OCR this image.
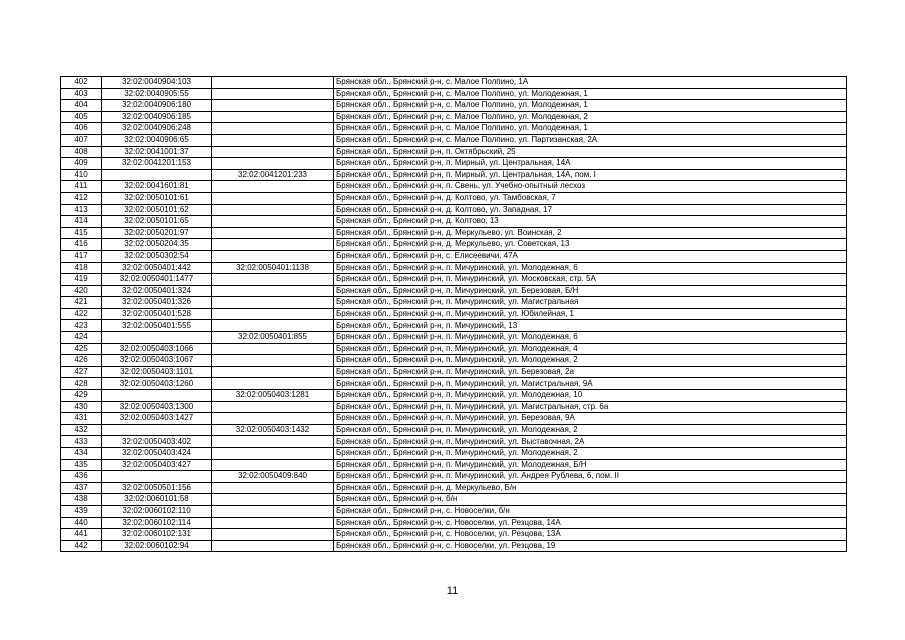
402	32:02:0040904:103		Брянская обл., Брянский р-н, с. Малое Полпино, 1А
403	32:02:0040905:55		Брянская обл., Брянский р-н, с. Малое Полпино, ул. Молодежная, 1
404	32:02:0040906:180		Брянская обл., Брянский р-н, с. Малое Полпино, ул. Молодежная, 1
405	32:02:0040906:185		Брянская обл., Брянский р-н, с. Малое Полпино, ул. Молодежная, 2
406	32:02:0040906:248		Брянская обл., Брянский р-н, с. Малое Полпино, ул. Молодежная, 1
407	32:02:0040906:65		Брянская обл., Брянский р-н, с. Малое Полпино, ул. Партизанская, 2А
408	32:02:0041001:37		Брянская обл., Брянский р-н, п. Октябрьский, 25
409	32:02:0041201:153		Брянская обл., Брянский р-н, п. Мирный, ул. Центральная, 14А
410		32:02:0041201:233	Брянская обл., Брянский р-н, п. Мирный, ул. Центральная, 14А, пом. I
411	32:02:0041601:81		Брянская обл., Брянский р-н, п. Свень, ул. Учебно-опытный лесхоз
412	32:02:0050101:61		Брянская обл., Брянский р-н, д. Колтово, ул. Тамбовская, 7
413	32:02:0050101:62		Брянская обл., Брянский р-н, д. Колтово, ул. Западная, 17
414	32:02:0050101:65		Брянская обл., Брянский р-н, д. Колтово, 13
415	32:02:0050201:97		Брянская обл., Брянский р-н, д. Меркульево, ул. Воинская, 2
416	32:02:0050204:35		Брянская обл., Брянский р-н, д. Меркульево, ул. Советская, 13
417	32:02:0050302:54		Брянская обл., Брянский р-н, с. Елисеевичи, 47А
418	32:02:0050401:442	32:02:0050401:1138	Брянская обл., Брянский р-н, п. Мичуринский, ул. Молодежная, 6
419	32:02:0050401:1477		Брянская обл., Брянский р-н, п. Мичуринский, ул. Московская, стр. 5А
420	32:02:0050401:324		Брянская обл., Брянский р-н, п. Мичуринский, ул. Березовая, Б/Н
421	32:02:0050401:326		Брянская обл., Брянский р-н, п. Мичуринский, ул. Магистральная
422	32:02:0050401:528		Брянская обл., Брянский р-н, п. Мичуринский, ул. Юбилейная, 1
423	32:02:0050401:555		Брянская обл., Брянский р-н, п. Мичуринский, 13
424		32:02:0050401:855	Брянская обл., Брянский р-н, п. Мичуринский, ул. Молодежная, 6
425	32:02:0050403:1066		Брянская обл., Брянский р-н, п. Мичуринский, ул. Молодежная, 4
426	32:02:0050403:1067		Брянская обл., Брянский р-н, п. Мичуринский, ул. Молодежная, 2
427	32:02:0050403:1101		Брянская обл., Брянский р-н, п. Мичуринский, ул. Березовая, 2а
428	32:02:0050403:1260		Брянская обл., Брянский р-н, п. Мичуринский, ул. Магистральная, 9А
429		32:02:0050403:1281	Брянская обл., Брянский р-н, п. Мичуринский, ул. Молодежная, 10
430	32:02:0050403:1300		Брянская обл., Брянский р-н, п. Мичуринский, ул. Магистральная, стр. 6а
431	32:02:0050403:1427		Брянская обл., Брянский р-н, п. Мичуринский, ул. Березовая, 9А
432		32:02:0050403:1432	Брянская обл., Брянский р-н, п. Мичуринский, ул. Молодежная, 2
433	32:02:0050403:402		Брянская обл., Брянский р-н, п. Мичуринский, ул. Выставочная, 2А
434	32:02:0050403:424		Брянская обл., Брянский р-н, п. Мичуринский, ул. Молодежная, 2
435	32:02:0050403:427		Брянская обл., Брянский р-н, п. Мичуринский, ул. Молодежная, Б/Н
436		32:02:0050409:840	Брянская обл., Брянский р-н, п. Мичуринский, ул. Андрея Рублева, 6, пом. II
437	32:02:0050501:156		Брянская обл., Брянский р-н, д. Меркульево, Б/н
438	32:02:0060101:58		Брянская обл., Брянский р-н, б/н
439	32:02:0060102:110		Брянская обл., Брянский р-н, с. Новоселки, б/н
440	32:02:0060102:114		Брянская обл., Брянский р-н, с. Новоселки, ул. Резцова, 14А
441	32:02:0060102:131		Брянская обл., Брянский р-н, с. Новоселки, ул. Резцова, 13А
442	32:02:0060102:94		Брянская обл., Брянский р-н, с. Новоселки, ул. Резцова, 19
11
